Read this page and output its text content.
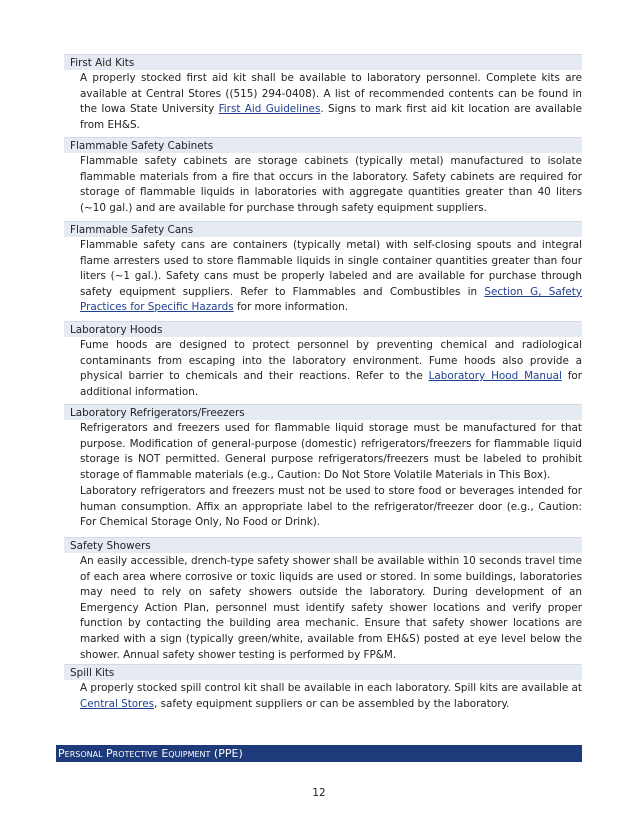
First Aid Kits

A properly stocked first aid kit shall be available to laboratory personnel. Complete kits are available at Central Stores ((515) 294-0408). A list of recommended contents can be found in the Iowa State University First Aid Guidelines. Signs to mark first aid kit location are available from EH&S.

Flammable Safety Cabinets

Flammable safety cabinets are storage cabinets (typically metal) manufactured to isolate flammable materials from a fire that occurs in the laboratory. Safety cabinets are required for storage of flammable liquids in laboratories with aggregate quantities greater than 40 liters (~10 gal.) and are available for purchase through safety equipment suppliers.

Flammable Safety Cans

Flammable safety cans are containers (typically metal) with self-closing spouts and integral flame arresters used to store flammable liquids in single container quantities greater than four liters (~1 gal.). Safety cans must be properly labeled and are available for purchase through safety equipment suppliers. Refer to Flammables and Combustibles in Section G, Safety Practices for Specific Hazards for more information.

Laboratory Hoods

Fume hoods are designed to protect personnel by preventing chemical and radiological contaminants from escaping into the laboratory environment. Fume hoods also provide a physical barrier to chemicals and their reactions. Refer to the Laboratory Hood Manual for additional information.

Laboratory Refrigerators/Freezers

Refrigerators and freezers used for flammable liquid storage must be manufactured for that purpose. Modification of general-purpose (domestic) refrigerators/freezers for flammable liquid storage is NOT permitted. General purpose refrigerators/freezers must be labeled to prohibit storage of flammable materials (e.g., Caution: Do Not Store Volatile Materials in This Box).

Laboratory refrigerators and freezers must not be used to store food or beverages intended for human consumption. Affix an appropriate label to the refrigerator/freezer door (e.g., Caution: For Chemical Storage Only, No Food or Drink).

Safety Showers

An easily accessible, drench-type safety shower shall be available within 10 seconds travel time of each area where corrosive or toxic liquids are used or stored. In some buildings, laboratories may need to rely on safety showers outside the laboratory. During development of an Emergency Action Plan, personnel must identify safety shower locations and verify proper function by contacting the building area mechanic. Ensure that safety shower locations are marked with a sign (typically green/white, available from EH&S) posted at eye level below the shower. Annual safety shower testing is performed by FP&M.

Spill Kits

A properly stocked spill control kit shall be available in each laboratory. Spill kits are available at Central Stores, safety equipment suppliers or can be assembled by the laboratory.

Personal Protective Equipment (PPE)
12
